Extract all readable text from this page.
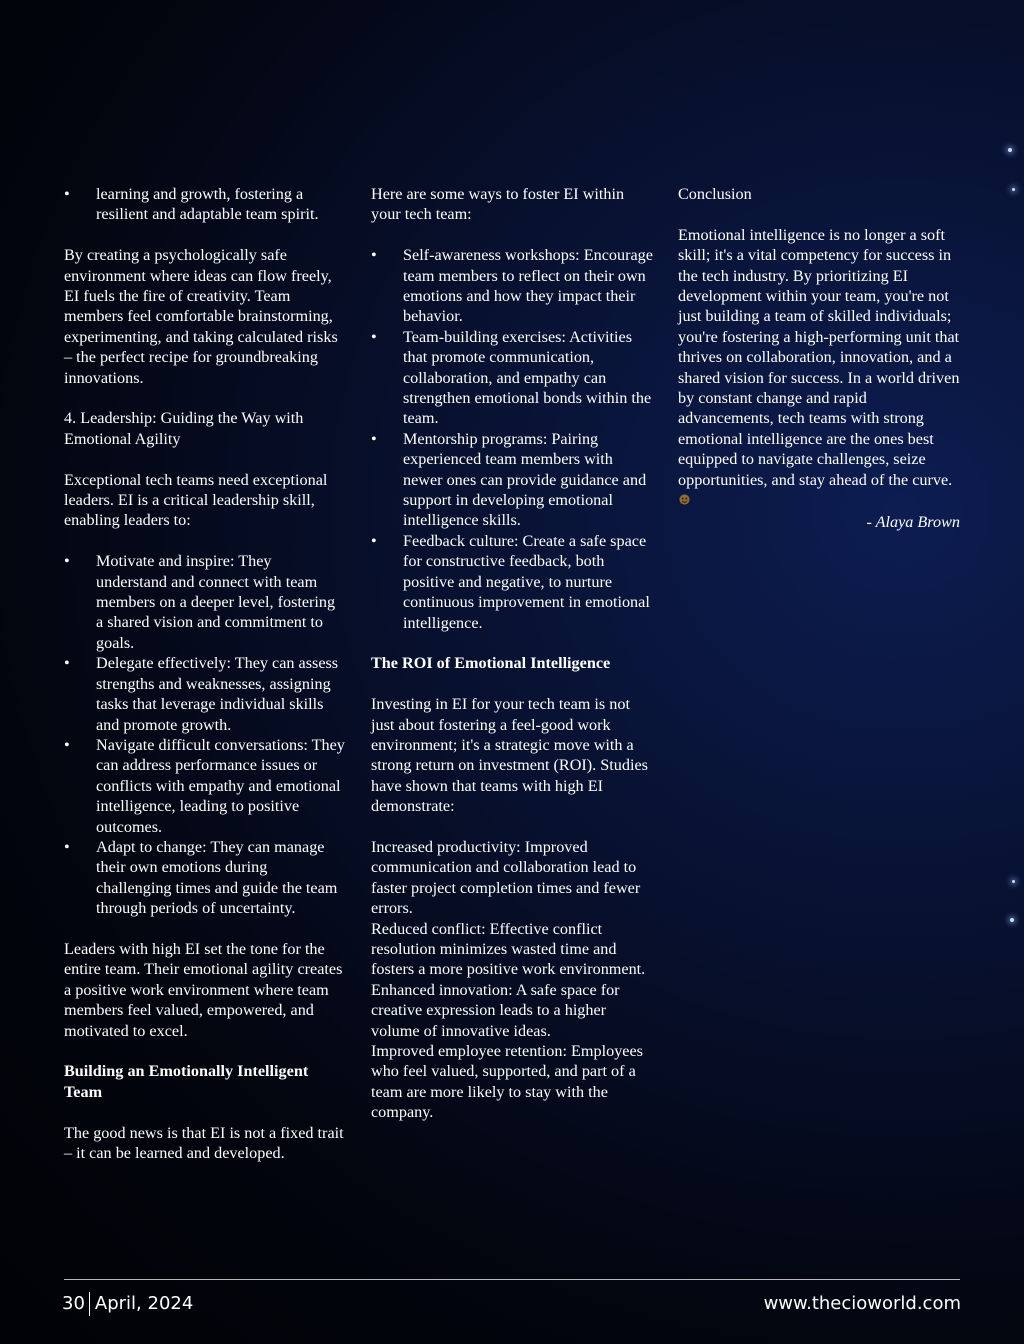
• learning and growth, fostering a resilient and adaptable team spirit.

By creating a psychologically safe environment where ideas can flow freely, EI fuels the fire of creativity. Team members feel comfortable brainstorming, experimenting, and taking calculated risks – the perfect recipe for groundbreaking innovations.

4. Leadership: Guiding the Way with Emotional Agility

Exceptional tech teams need exceptional leaders. EI is a critical leadership skill, enabling leaders to:

• Motivate and inspire: They understand and connect with team members on a deeper level, fostering a shared vision and commitment to goals.
• Delegate effectively: They can assess strengths and weaknesses, assigning tasks that leverage individual skills and promote growth.
• Navigate difficult conversations: They can address performance issues or conflicts with empathy and emotional intelligence, leading to positive outcomes.
• Adapt to change: They can manage their own emotions during challenging times and guide the team through periods of uncertainty.

Leaders with high EI set the tone for the entire team. Their emotional agility creates a positive work environment where team members feel valued, empowered, and motivated to excel.

Building an Emotionally Intelligent Team

The good news is that EI is not a fixed trait – it can be learned and developed.

Here are some ways to foster EI within your tech team:

• Self-awareness workshops: Encourage team members to reflect on their own emotions and how they impact their behavior.
• Team-building exercises: Activities that promote communication, collaboration, and empathy can strengthen emotional bonds within the team.
• Mentorship programs: Pairing experienced team members with newer ones can provide guidance and support in developing emotional intelligence skills.
• Feedback culture: Create a safe space for constructive feedback, both positive and negative, to nurture continuous improvement in emotional intelligence.
The ROI of Emotional Intelligence

Investing in EI for your tech team is not just about fostering a feel-good work environment; it's a strategic move with a strong return on investment (ROI). Studies have shown that teams with high EI demonstrate:

Increased productivity: Improved communication and collaboration lead to faster project completion times and fewer errors.

Reduced conflict: Effective conflict resolution minimizes wasted time and fosters a more positive work environment.

Enhanced innovation: A safe space for creative expression leads to a higher volume of innovative ideas.

Improved employee retention: Employees who feel valued, supported, and part of a team are more likely to stay with the company.

Conclusion

Emotional intelligence is no longer a soft skill; it's a vital competency for success in the tech industry. By prioritizing EI development within your team, you're not just building a team of skilled individuals; you're fostering a high-performing unit that thrives on collaboration, innovation, and a shared vision for success. In a world driven by constant change and rapid advancements, tech teams with strong emotional intelligence are the ones best equipped to navigate challenges, seize opportunities, and stay ahead of the curve.

- Alaya Brown

30 April, 2024	www.thecioworld.com
